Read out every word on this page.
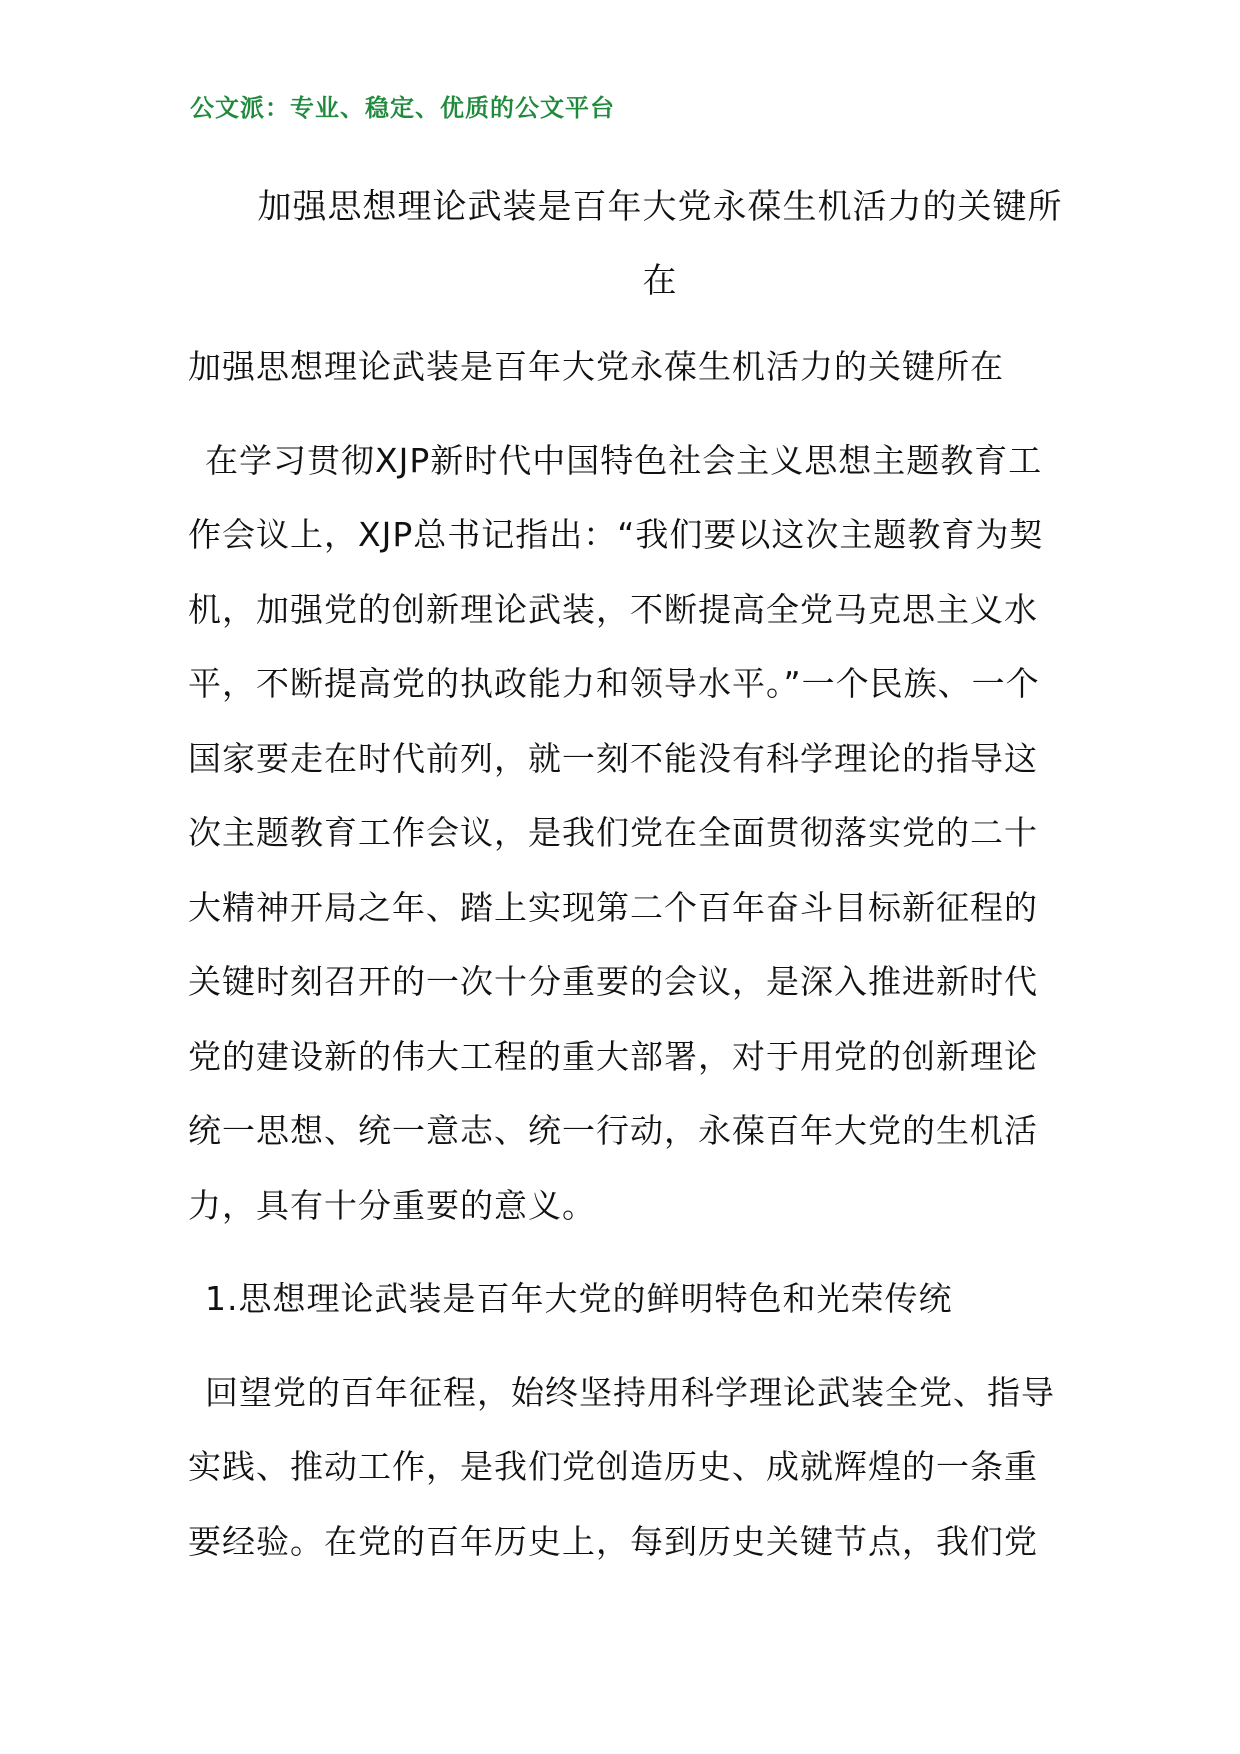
公文派：专业、稳定、优质的公文平台
加强思想理论武装是百年大党永葆生机活力的关键所在

加强思想理论武装是百年大党永葆生机活力的关键所在

在学习贯彻XJP新时代中国特色社会主义思想主题教育工作会议上，XJP总书记指出：“我们要以这次主题教育为契机，加强党的创新理论武装，不断提高全党马克思主义水平，不断提高党的执政能力和领导水平。”一个民族、一个国家要走在时代前列，就一刻不能没有科学理论的指导这次主题教育工作会议，是我们党在全面贯彻落实党的二十大精神开局之年、踏上实现第二个百年奋斗目标新征程的关键时刻召开的一次十分重要的会议，是深入推进新时代党的建设新的伟大工程的重大部署，对于用党的创新理论统一思想、统一意志、统一行动，永葆百年大党的生机活力，具有十分重要的意义。

1.思想理论武装是百年大党的鲜明特色和光荣传统

回望党的百年征程，始终坚持用科学理论武装全党、指导实践、推动工作，是我们党创造历史、成就辉煌的一条重要经验。在党的百年历史上，每到历史关键节点，我们党
